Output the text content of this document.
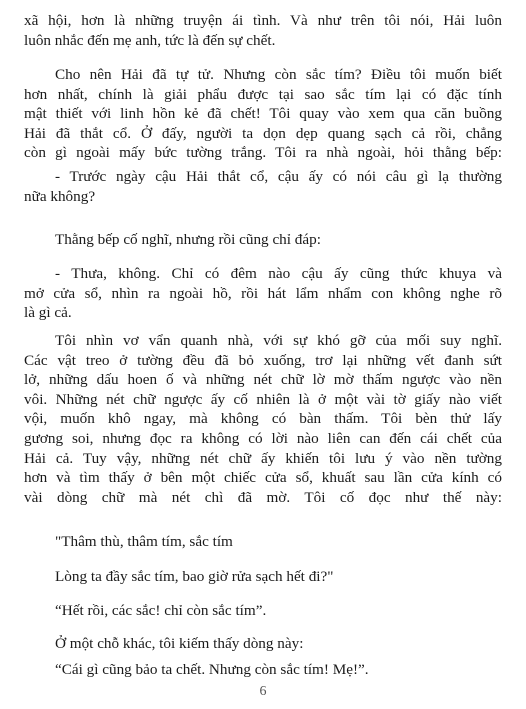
xã hội, hơn là những truyện ái tình. Và như trên tôi nói, Hải luôn
luôn nhắc đến mẹ anh, tức là đến sự chết.
Cho nên Hải đã tự tử. Nhưng còn sắc tím? Điều tôi muốn biết
hơn nhất, chính là giải phẩu được tại sao sắc tím lại có đặc tính
mật thiết với linh hồn kẻ đã chết! Tôi quay vào xem qua căn buồng
Hải đã thắt cổ. Ở đấy, người ta dọn dẹp quang sạch cả rồi, chẳng
còn gì ngoài mấy bức tường trắng. Tôi ra nhà ngoài, hỏi thằng bếp:
- Trước ngày cậu Hải thắt cổ, cậu ấy có nói câu gì lạ thường
nữa không?
Thằng bếp cố nghĩ, nhưng rồi cũng chỉ đáp:
- Thưa, không. Chỉ có đêm nào cậu ấy cũng thức khuya và
mở cửa sổ, nhìn ra ngoài hồ, rồi hát lẩm nhẩm con không nghe rõ
là gì cả.
Tôi nhìn vơ vẩn quanh nhà, với sự khó gỡ của mối suy nghĩ.
Các vật treo ở tường đều đã bỏ xuống, trơ lại những vết đanh sứt
lở, những dấu hoen ố và những nét chữ lờ mờ thấm ngược vào nền
vôi. Những nét chữ ngược ấy cố nhiên là ở một vài tờ giấy nào viết
vội, muốn khô ngay, mà không có bàn thấm. Tôi bèn thử lấy
gương soi, nhưng đọc ra không có lời nào liên can đến cái chết của
Hải cả. Tuy vậy, những nét chữ ấy khiến tôi lưu ý vào nền tường
hơn và tìm thấy ở bên một chiếc cửa sổ, khuất sau lần cửa kính có
vài dòng chữ mà nét chì đã mờ. Tôi cố đọc như thế này:
"Thâm thù, thâm tím, sắc tím
Lòng ta đầy sắc tím, bao giờ rửa sạch hết đi?"
“Hết rồi, các sắc! chỉ còn sắc tím”.
Ở một chỗ khác, tôi kiếm thấy dòng này:
“Cái gì cũng bảo ta chết. Nhưng còn sắc tím! Mẹ!”.
6
